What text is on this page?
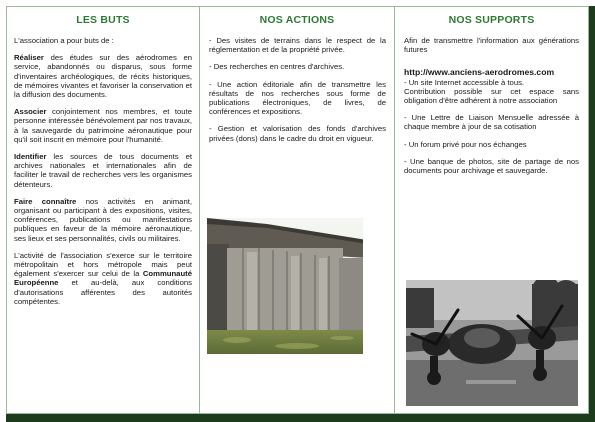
LES BUTS

L'association a pour buts de :

Réaliser des études sur des aérodromes en service, abandonnés ou disparus, sous forme d'inventaires archéologiques, de récits historiques, de mémoires vivantes et favoriser la conservation et la diffusion des documents.

Associer conjointement nos membres, et toute personne intéressée bénévolement par nos travaux, à la sauvegarde du patrimoine aéronautique pour qu'il soit inscrit en mémoire pour l'humanité.

Identifier les sources de tous documents et archives nationales et internationales afin de faciliter le travail de recherches vers les organismes détenteurs.

Faire connaître nos activités en animant, organisant ou participant à des expositions, visites, conférences, publications ou manifestations publiques en faveur de la mémoire aéronautique, ses lieux et ses personnalités, civils ou militaires.

L'activité de l'association s'exerce sur le territoire métropolitain et hors métropole mais peut également s'exercer sur celui de la Communauté Européenne et au-delà, aux conditions d'autorisations afférentes des autorités compétentes.

NOS ACTIONS

- Des visites de terrains dans le respect de la réglementation et de la propriété privée.

- Des recherches en centres d'archives.

- Une action éditoriale afin de transmettre les résultats de nos recherches sous forme de publications électroniques, de livres, de conférences et expositions.

- Gestion et valorisation des fonds d'archives privées (dons) dans le cadre du droit en vigueur.

NOS SUPPORTS

Afin de transmettre l'information aux générations futures

http://www.anciens-aerodromes.com

- Un site Internet accessible à tous.
Contribution possible sur cet espace sans obligation d'être adhérent à notre association

- Une Lettre de Liaison Mensuelle adressée à chaque membre à jour de sa cotisation

- Un forum privé pour nos échanges

- Une banque de photos, site de partage de nos documents pour archivage et sauvegarde.
